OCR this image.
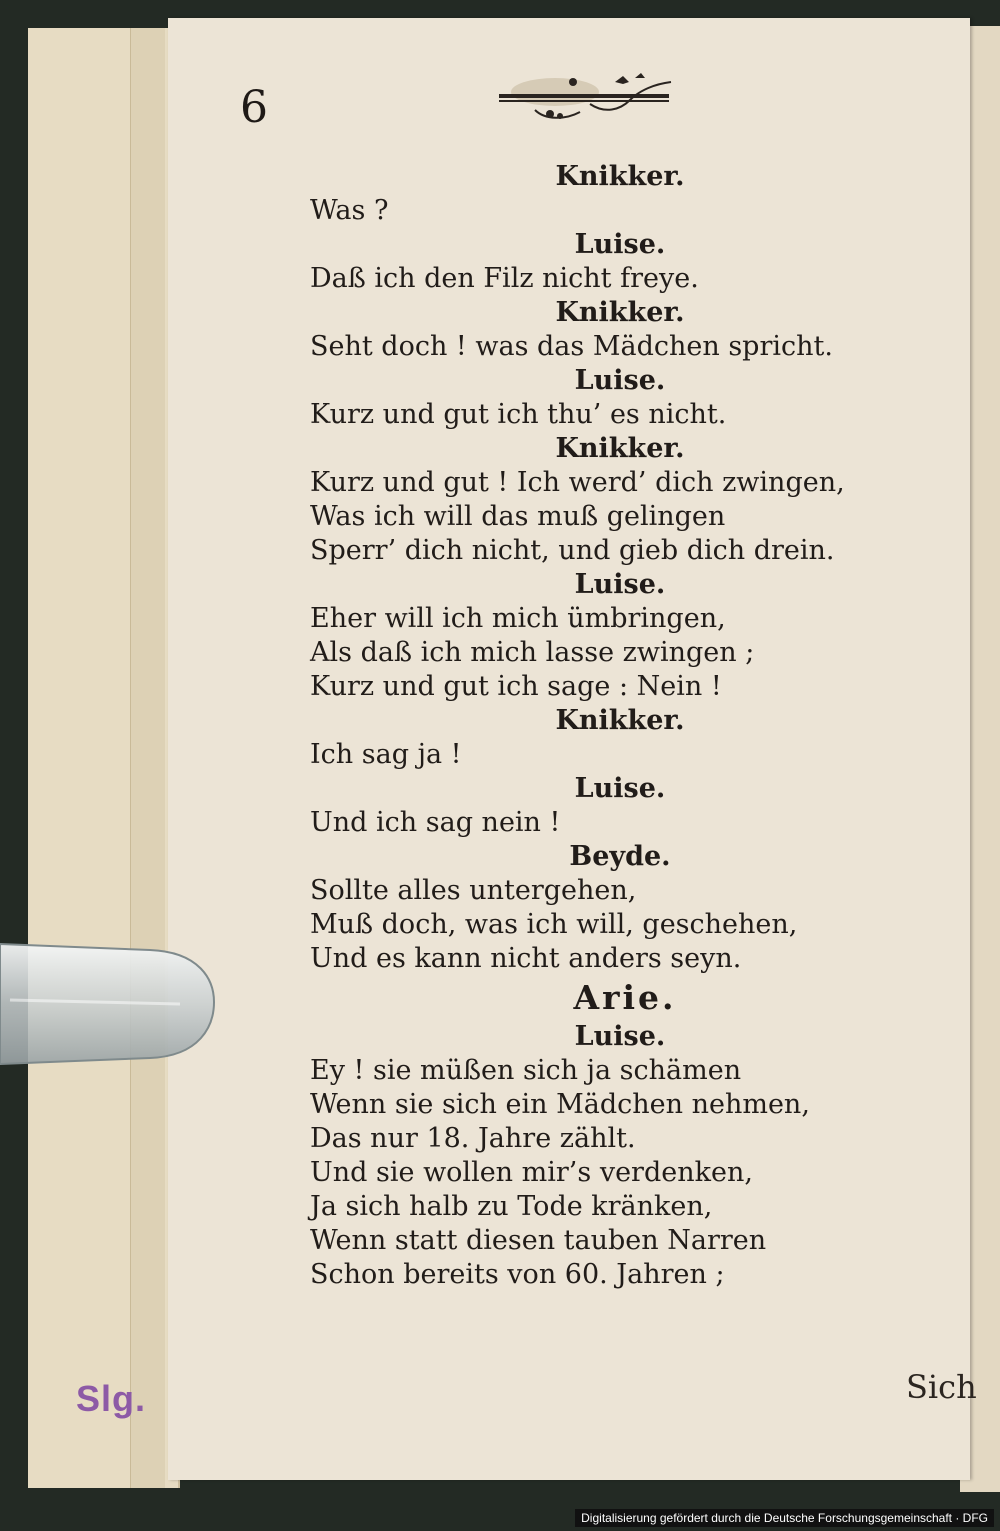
Slg.	Sich
6
Knikker.
Was ?
Luise.
Daß ich den Filz nicht freye.
Knikker.
Seht doch ! was das Mädchen spricht.
Luise.
Kurz und gut ich thu’ es nicht.
Knikker.
Kurz und gut ! Ich werd’ dich zwingen,
Was ich will das muß gelingen
Sperr’ dich nicht, und gieb dich drein.
Luise.
Eher will ich mich ümbringen,
Als daß ich mich lasse zwingen ;
Kurz und gut ich sage : Nein !
Knikker.
Ich sag ja !
Luise.
Und ich sag nein !
Beyde.
Sollte alles untergehen,
Muß doch, was ich will, geschehen,
Und es kann nicht anders seyn.
Arie.
Luise.
Ey ! sie müßen sich ja schämen
Wenn sie sich ein Mädchen nehmen,
Das nur 18. Jahre zählt.
Und sie wollen mir’s verdenken,
Ja sich halb zu Tode kränken,
Wenn statt diesen tauben Narren
Schon bereits von 60. Jahren ;
Digitalisierung gefördert durch die Deutsche Forschungsgemeinschaft · DFG
